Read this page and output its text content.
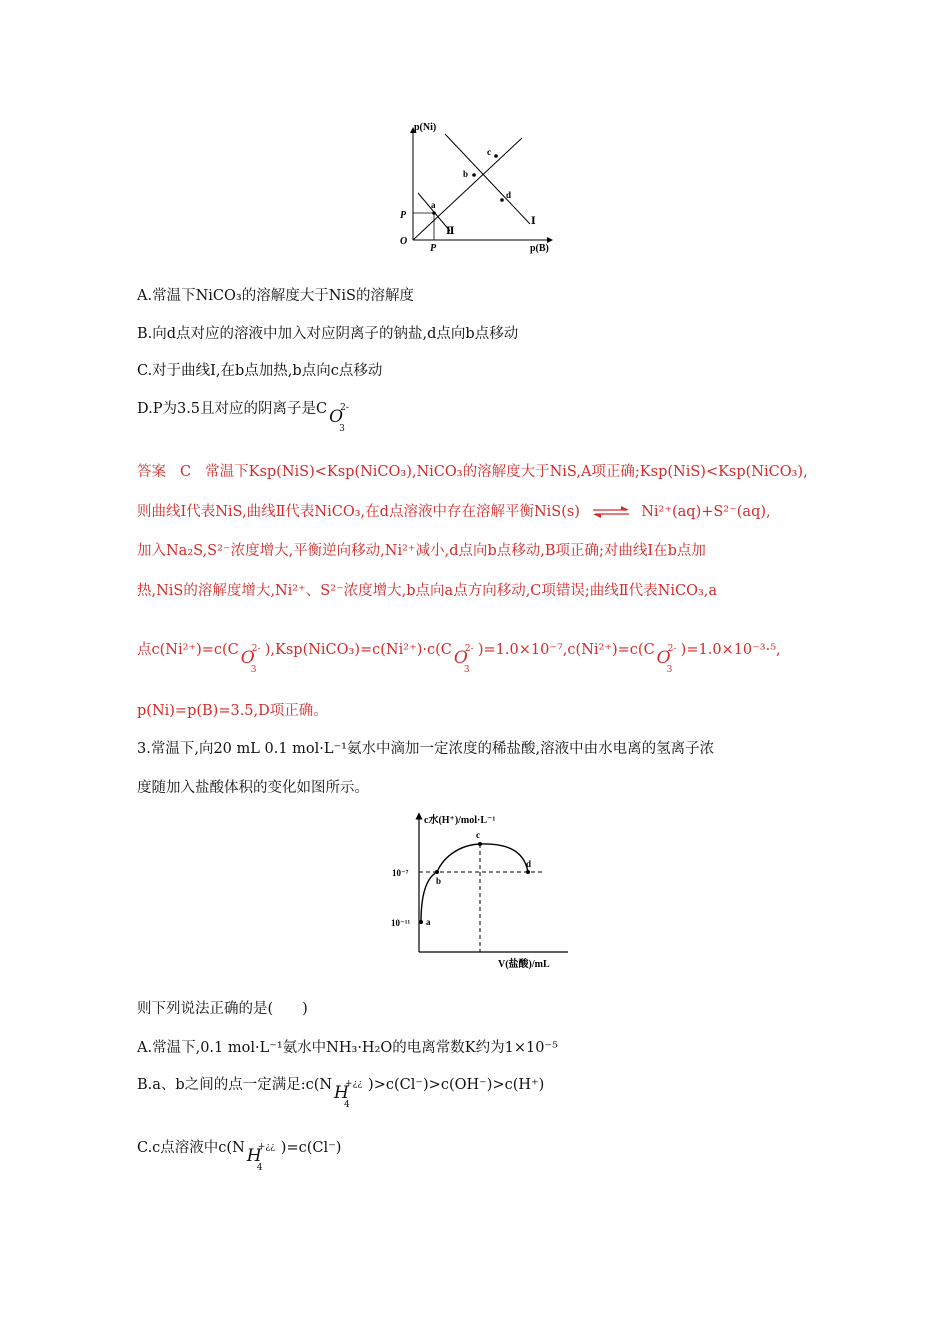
p(Ni)
p(B)
O
P
P
Ⅱ
Ⅰ
a
b
c
d
A.常温下NiCO₃的溶解度大于NiS的溶解度
B.向d点对应的溶液中加入对应阴离子的钠盐,d点向b点移动
C.对于曲线Ⅰ,在b点加热,b点向c点移动
D.P为3.5且对应的阴离子是C O
3
2-
答案 C 常温下Ksp(NiS)<Ksp(NiCO₃),NiCO₃的溶解度大于NiS,A项正确;Ksp(NiS)<Ksp(NiCO₃),
则曲线Ⅰ代表NiS,曲线Ⅱ代表NiCO₃,在d点溶液中存在溶解平衡NiS(s) ⇌ Ni²⁺(aq)+S²⁻(aq),
加入Na₂S,S²⁻浓度增大,平衡逆向移动,Ni²⁺减小,d点向b点移动,B项正确;对曲线Ⅰ在b点加
热,NiS的溶解度增大,Ni²⁺、S²⁻浓度增大,b点向a点方向移动,C项错误;曲线Ⅱ代表NiCO₃,a
点c(Ni²⁺)=c(C O
3
2- ),Ksp(NiCO₃)=c(Ni²⁺)·c(C O
3
2- )=1.0×10⁻⁷,c(Ni²⁺)=c(C O
3
2- )=1.0×10⁻³·⁵,
p(Ni)=p(B)=3.5,D项正确。
3.常温下,向20 mL 0.1 mol·L⁻¹氨水中滴加一定浓度的稀盐酸,溶液中由水电离的氢离子浓
度随加入盐酸体积的变化如图所示。
c水(H⁺)/mol·L⁻¹
V(盐酸)/mL
10⁻⁷
10⁻¹¹ a
b
c
d
则下列说法正确的是(　　)
A.常温下,0.1 mol·L⁻¹氨水中NH₃·H₂O的电离常数K约为1×10⁻⁵
B.a、b之间的点一定满足:c(N H
4
+¿¿ )>c(Cl⁻)>c(OH⁻)>c(H⁺)
C.c点溶液中c(N H
4
+¿¿ )=c(Cl⁻)
